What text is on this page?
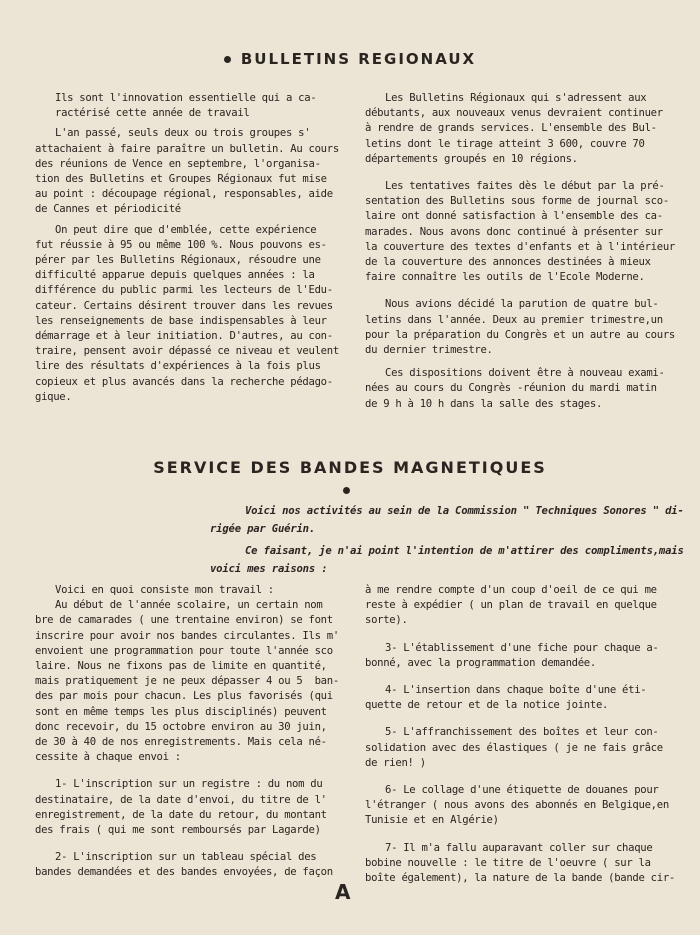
BULLETINS REGIONAUX

Ils sont l'innovation essentielle qui a ca-
ractérisé cette année de travail

L'an passé, seuls deux ou trois groupes s'
attachaient à faire paraître un bulletin. Au cours
des réunions de Vence en septembre, l'organisa-
tion des Bulletins et Groupes Régionaux fut mise
au point : découpage régional, responsables, aide
de Cannes et périodicité

On peut dire que d'emblée, cette expérience
fut réussie à 95 ou même 100 %. Nous pouvons es-
pérer par les Bulletins Régionaux, résoudre une
difficulté apparue depuis quelques années : la
différence du public parmi les lecteurs de l'Edu-
cateur. Certains désirent trouver dans les revues
les renseignements de base indispensables à leur
démarrage et à leur initiation. D'autres, au con-
traire, pensent avoir dépassé ce niveau et veulent
lire des résultats d'expériences à la fois plus
copieux et plus avancés dans la recherche pédago-
gique.

Les Bulletins Régionaux qui s'adressent aux
débutants, aux nouveaux venus devraient continuer
à rendre de grands services. L'ensemble des Bul-
letins dont le tirage atteint 3 600, couvre 70
départements groupés en 10 régions.

Les tentatives faites dès le début par la pré-
sentation des Bulletins sous forme de journal sco-
laire ont donné satisfaction à l'ensemble des ca-
marades. Nous avons donc continué à présenter sur
la couverture des textes d'enfants et à l'intérieur
de la couverture des annonces destinées à mieux
faire connaître les outils de l'Ecole Moderne.

Nous avions décidé la parution de quatre bul-
letins dans l'année. Deux au premier trimestre,un
pour la préparation du Congrès et un autre au cours
du dernier trimestre.

Ces dispositions doivent être à nouveau exami-
nées au cours du Congrès -réunion du mardi matin
de 9 h à 10 h dans la salle des stages.

SERVICE DES BANDES MAGNETIQUES

Voici nos activités au sein de la Commission " Techniques Sonores " di-
rigée par Guérin.

Ce faisant, je n'ai point l'intention de m'attirer des compliments,mais
voici mes raisons :

Voici en quoi consiste mon travail :

Au début de l'année scolaire, un certain nom
bre de camarades ( une trentaine environ) se font
inscrire pour avoir nos bandes circulantes. Ils m'
envoient une programmation pour toute l'année sco
laire. Nous ne fixons pas de limite en quantité,
mais pratiquement je ne peux dépasser 4 ou 5  ban-
des par mois pour chacun. Les plus favorisés (qui
sont en même temps les plus disciplinés) peuvent
donc recevoir, du 15 octobre environ au 30 juin,
de 30 à 40 de nos enregistrements. Mais cela né-
cessite à chaque envoi :

1- L'inscription sur un registre : du nom du
destinataire, de la date d'envoi, du titre de l'
enregistrement, de la date du retour, du montant
des frais ( qui me sont remboursés par Lagarde)

2- L'inscription sur un tableau spécial des
bandes demandées et des bandes envoyées, de façon

à me rendre compte d'un coup d'oeil de ce qui me
reste à expédier ( un plan de travail en quelque
sorte).

3- L'établissement d'une fiche pour chaque a-
bonné, avec la programmation demandée.

4- L'insertion dans chaque boîte d'une éti-
quette de retour et de la notice jointe.

5- L'affranchissement des boîtes et leur con-
solidation avec des élastiques ( je ne fais grâce
de rien! )

6- Le collage d'une étiquette de douanes pour
l'étranger ( nous avons des abonnés en Belgique,en
Tunisie et en Algérie)

7- Il m'a fallu auparavant coller sur chaque
bobine nouvelle : le titre de l'oeuvre ( sur la
boîte également), la nature de la bande (bande cir-

A
